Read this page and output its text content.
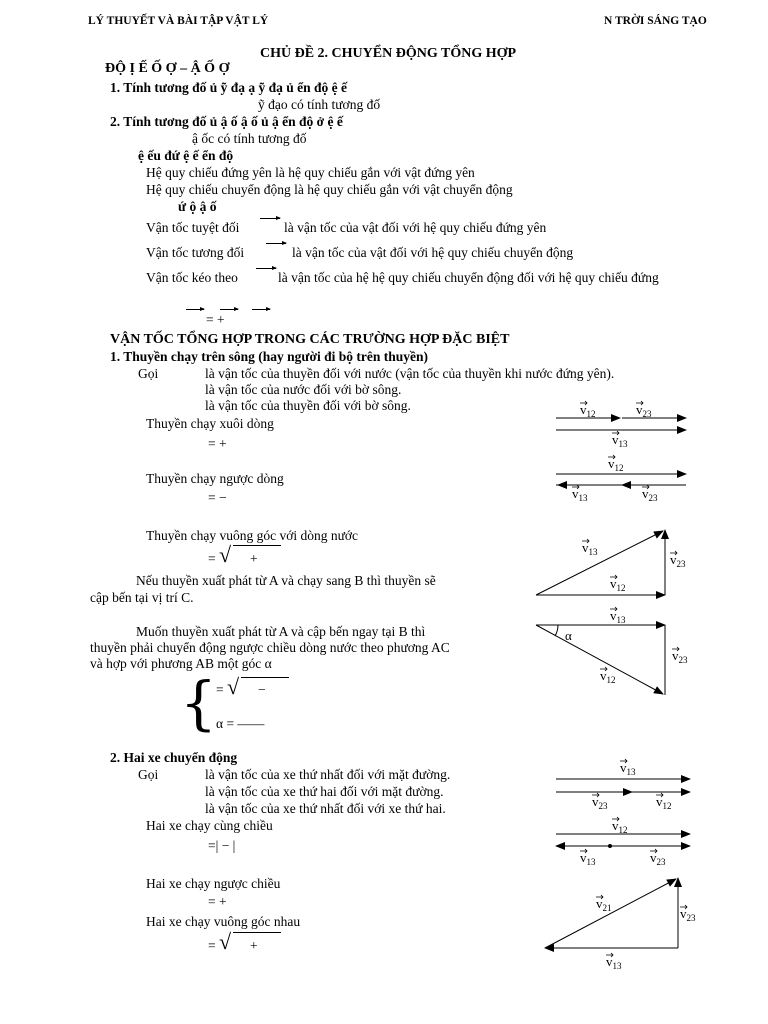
LÝ THUYẾT VÀ BÀI TẬP VẬT LÝ	N TRỜI SÁNG TẠO
CHỦ ĐỀ 2. CHUYỂN ĐỘNG TỔNG HỢP
ĐỘ Ị Ế Ố Ợ – Ậ Ố Ợ
1. Tính tương đố ủ ỹ đạ ạ ỹ đạ ủ ển độ ệ ế
ỹ đạo có tính tương đố
2. Tính tương đố ủ ậ ố ậ ố ủ ậ ển độ ở ệ ế
ậ ốc có tính tương đố
ệ ếu đứ ệ ế ển độ
Hệ quy chiếu đứng yên là hệ quy chiếu gắn với vật đứng yên
Hệ quy chiếu chuyển động là hệ quy chiếu gắn với vật chuyển động
ứ ộ ậ ố
Vận tốc tuyệt đối	là vận tốc của vật đối với hệ quy chiếu đứng yên
Vận tốc tương đối	là vận tốc của vật đối với hệ quy chiếu chuyển động
Vận tốc kéo theo	là vận tốc của hệ hệ quy chiếu chuyển động đối với hệ quy chiếu đứng
= +
VẬN TỐC TỔNG HỢP TRONG CÁC TRƯỜNG HỢP ĐẶC BIỆT
1. Thuyền chạy trên sông (hay người đi bộ trên thuyền)
Gọi	là vận tốc của thuyền đối với nước (vận tốc của thuyền khi nước đứng yên).
là vận tốc của nước đối với bờ sông.
là vận tốc của thuyền đối với bờ sông.
Thuyền chạy xuôi dòng
= +
Thuyền chạy ngược dòng
= −
Thuyền chạy vuông góc với dòng nước
= √ +
Nếu thuyền xuất phát từ A và chạy sang B thì thuyền sẽ
cập bến tại vị trí C.
Muốn thuyền xuất phát từ A và cập bến ngay tại B thì
thuyền phải chuyển động ngược chiều dòng nước theo phương AC
và hợp với phương AB một góc α
{ = √ −
α = ——
2. Hai xe chuyển động
Gọi	là vận tốc của xe thứ nhất đối với mặt đường.
là vận tốc của xe thứ hai đối với mặt đường.
là vận tốc của xe thứ nhất đối với xe thứ hai.
Hai xe chạy cùng chiều
=| − |
Hai xe chạy ngược chiều
= +
Hai xe chạy vuông góc nhau
= √ +
$v_{12}$	$v_{23}$
$v_{13}$
$v_{12}$
$v_{13}$	$v_{23}$
$v_{13}$	$v_{23}$
$v_{12}$
$v_{13}$
$v_{23}$
$v_{12}$
$v_{13}$
$v_{23}$	$v_{12}$
$v_{12}$
$v_{13}$	$v_{23}$
$v_{21}$	$v_{23}$
$v_{13}$
α
